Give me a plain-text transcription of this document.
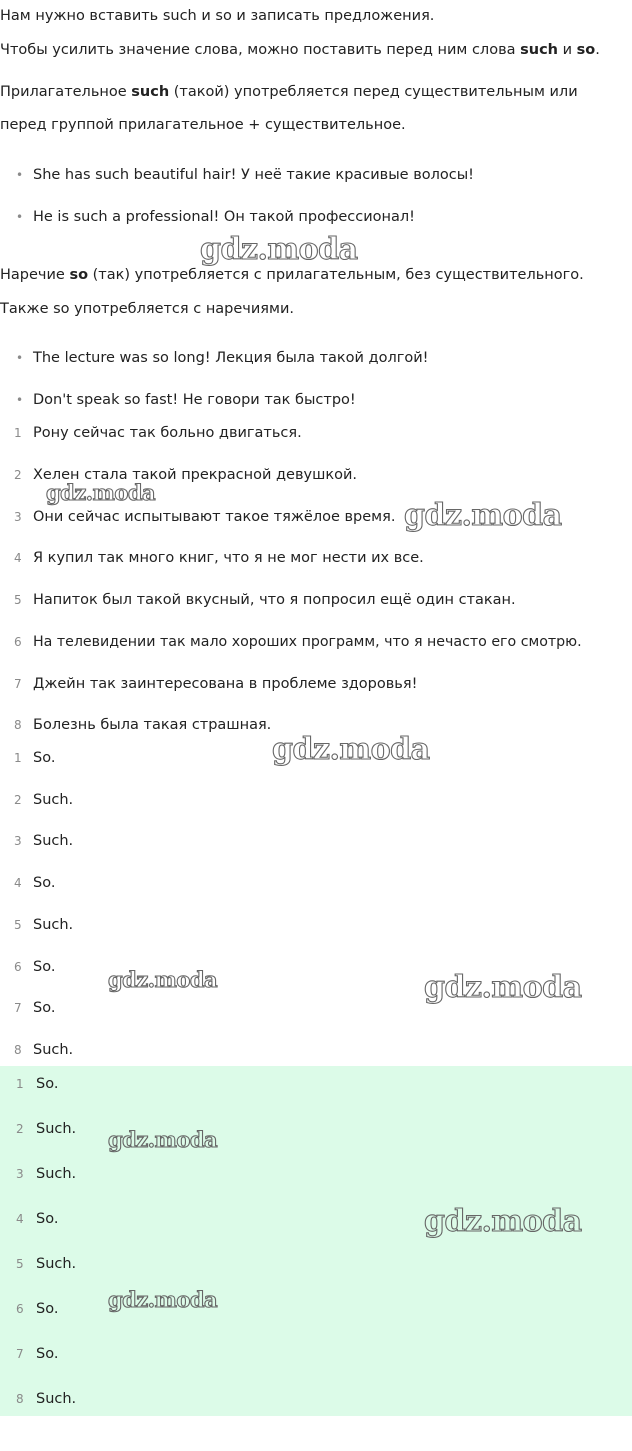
Нам нужно вставить such и so и записать предложения.
Чтобы усилить значение слова, можно поставить перед ним слова such и so.
Прилагательное such (такой) употребляется перед существительным или
перед группой прилагательное + существительное.
• She has such beautiful hair! У неё такие красивые волосы!
• He is such a professional! Он такой профессионал!
Наречие so (так) употребляется с прилагательным, без существительного.
Также so употребляется с наречиями.
• The lecture was so long! Лекция была такой долгой!
• Don't speak so fast! Не говори так быстро!
1 Рону сейчас так больно двигаться.
2 Хелен стала такой прекрасной девушкой.
3 Они сейчас испытывают такое тяжёлое время.
4 Я купил так много книг, что я не мог нести их все.
5 Напиток был такой вкусный, что я попросил ещё один стакан.
6 На телевидении так мало хороших программ, что я нечасто его смотрю.
7 Джейн так заинтересована в проблеме здоровья!
8 Болезнь была такая страшная.
1 So.
2 Such.
3 Such.
4 So.
5 Such.
6 So.
7 So.
8 Such.
1 So.
2 Such.
3 Such.
4 So.
5 Such.
6 So.
7 So.
8 Such.
gdz.moda
gdz.moda
gdz.moda
gdz.moda
gdz.moda	gdz.moda
gdz.moda
gdz.moda
gdz.moda
